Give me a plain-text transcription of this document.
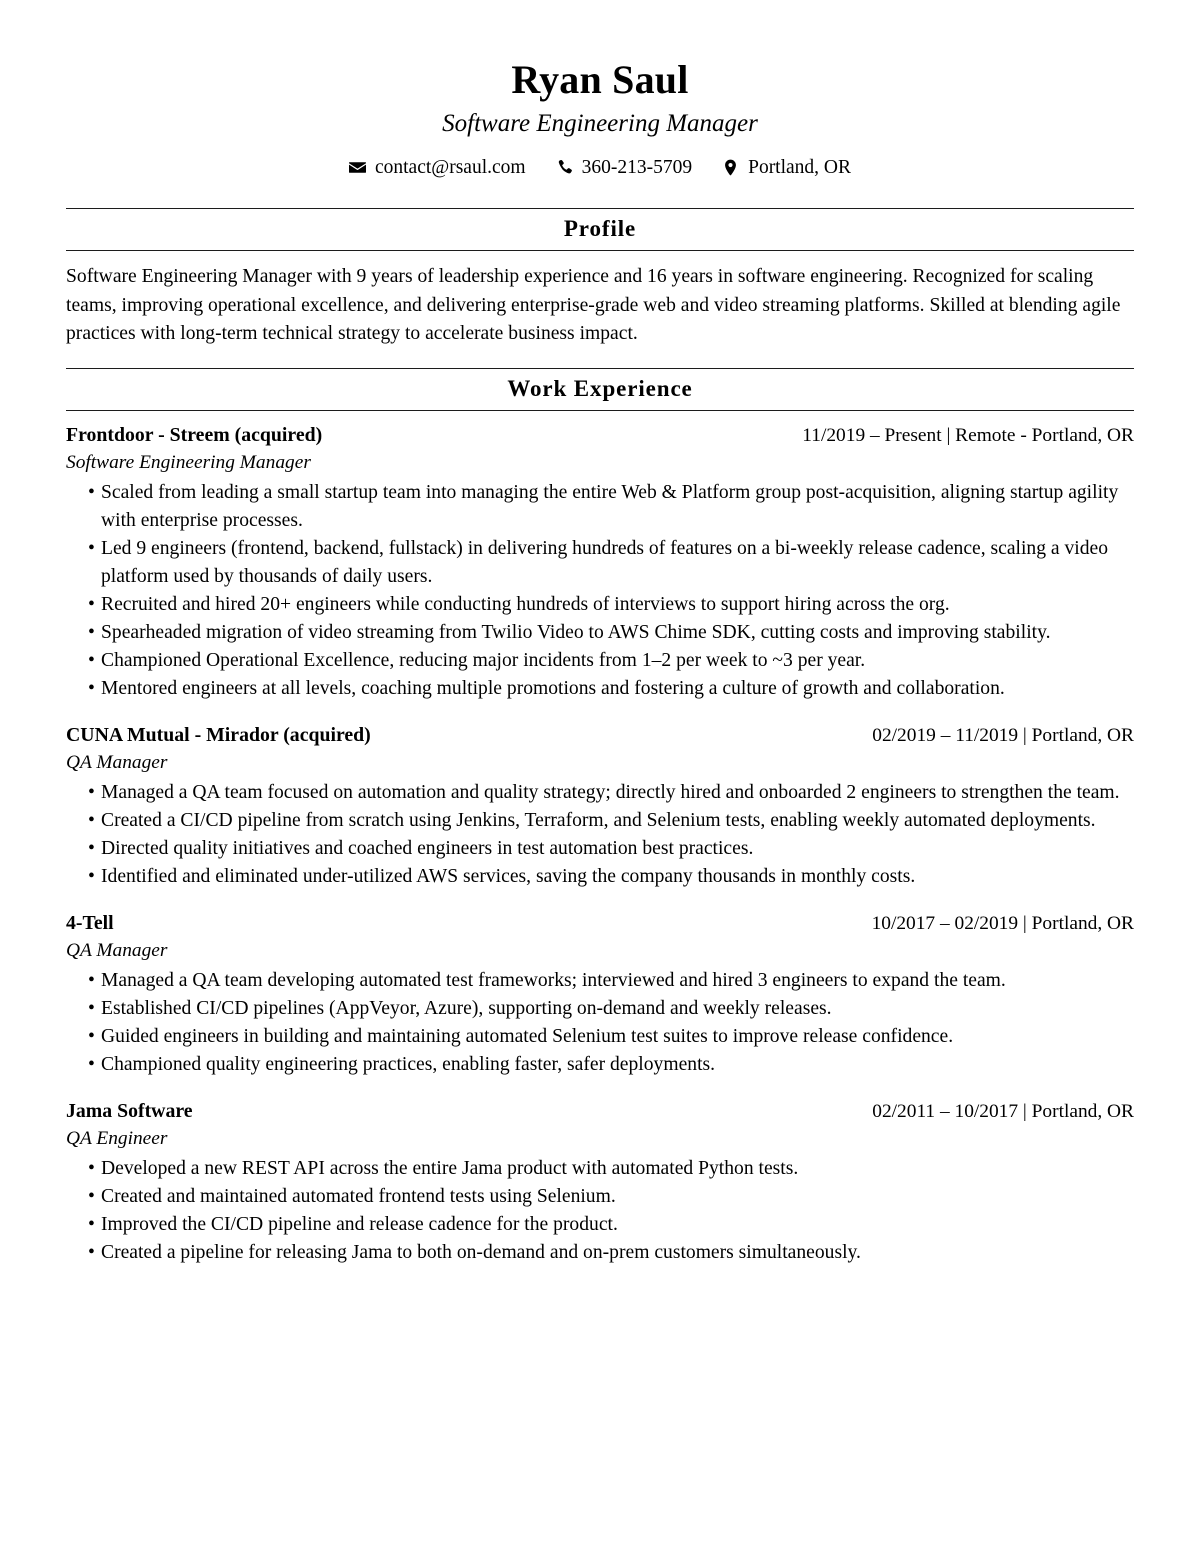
Ryan Saul
Software Engineering Manager
contact@rsaul.com	360-213-5709	Portland, OR
Profile

Software Engineering Manager with 9 years of leadership experience and 16 years in software engineering. Recognized for scaling teams, improving operational excellence, and delivering enterprise-grade web and video streaming platforms. Skilled at blending agile practices with long-term technical strategy to accelerate business impact.

Work Experience
Frontdoor - Streem (acquired)	11/2019 – Present | Remote - Portland, OR
Software Engineering Manager
• Scaled from leading a small startup team into managing the entire Web & Platform group post-acquisition, aligning startup agility with enterprise processes.
• Led 9 engineers (frontend, backend, fullstack) in delivering hundreds of features on a bi-weekly release cadence, scaling a video platform used by thousands of daily users.
• Recruited and hired 20+ engineers while conducting hundreds of interviews to support hiring across the org.
• Spearheaded migration of video streaming from Twilio Video to AWS Chime SDK, cutting costs and improving stability.
• Championed Operational Excellence, reducing major incidents from 1–2 per week to ~3 per year.
• Mentored engineers at all levels, coaching multiple promotions and fostering a culture of growth and collaboration.
CUNA Mutual - Mirador (acquired)	02/2019 – 11/2019 | Portland, OR
QA Manager
• Managed a QA team focused on automation and quality strategy; directly hired and onboarded 2 engineers to strengthen the team.
• Created a CI/CD pipeline from scratch using Jenkins, Terraform, and Selenium tests, enabling weekly automated deployments.
• Directed quality initiatives and coached engineers in test automation best practices.
• Identified and eliminated under-utilized AWS services, saving the company thousands in monthly costs.
4-Tell	10/2017 – 02/2019 | Portland, OR
QA Manager
• Managed a QA team developing automated test frameworks; interviewed and hired 3 engineers to expand the team.
• Established CI/CD pipelines (AppVeyor, Azure), supporting on-demand and weekly releases.
• Guided engineers in building and maintaining automated Selenium test suites to improve release confidence.
• Championed quality engineering practices, enabling faster, safer deployments.
Jama Software	02/2011 – 10/2017 | Portland, OR
QA Engineer
• Developed a new REST API across the entire Jama product with automated Python tests.
• Created and maintained automated frontend tests using Selenium.
• Improved the CI/CD pipeline and release cadence for the product.
• Created a pipeline for releasing Jama to both on-demand and on-prem customers simultaneously.
